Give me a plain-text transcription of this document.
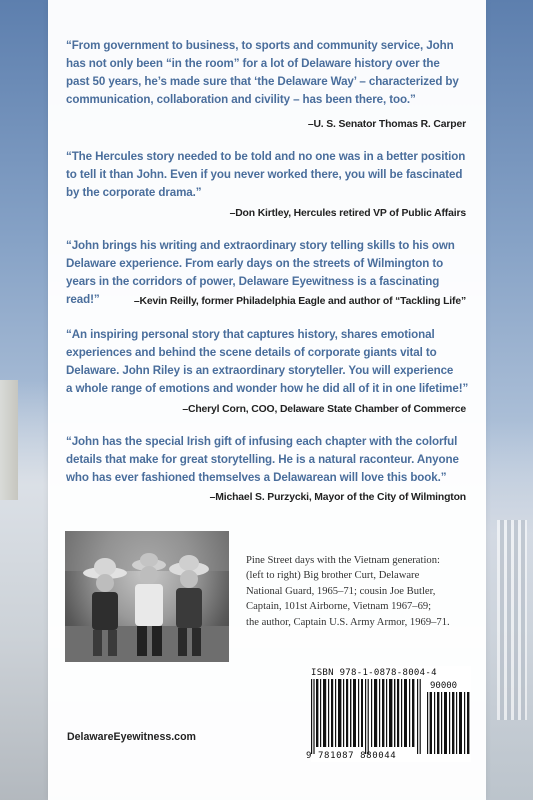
“From government to business, to sports and community service, John
has not only been “in the room” for a lot of Delaware history over the
past 50 years, he’s made sure that ‘the Delaware Way’ – characterized by
communication, collaboration and civility – has been there, too.”
–U. S. Senator Thomas R. Carper
“The Hercules story needed to be told and no one was in a better position
to tell it than John. Even if you never worked there, you will be fascinated
by the corporate drama.”
–Don Kirtley, Hercules retired VP of Public Affairs
“John brings his writing and extraordinary story telling skills to his own
Delaware experience. From early days on the streets of Wilmington to
years in the corridors of power, Delaware Eyewitness is a fascinating read!”	–Kevin Reilly, former Philadelphia Eagle and author of “Tackling Life”
“An inspiring personal story that captures history, shares emotional
experiences and behind the scene details of corporate giants vital to
Delaware. John Riley is an extraordinary storyteller. You will experience
a whole range of emotions and wonder how he did all of it in one lifetime!”
–Cheryl Corn, COO, Delaware State Chamber of Commerce
“John has the special Irish gift of infusing each chapter with the colorful
details that make for great storytelling. He is a natural raconteur. Anyone
who has ever fashioned themselves a Delawarean will love this book.”
–Michael S. Purzycki, Mayor of the City of Wilmington
Pine Street days with the Vietnam generation:
(left to right) Big brother Curt, Delaware
National Guard, 1965–71; cousin Joe Butler,
Captain, 101st Airborne, Vietnam 1967–69;
the author, Captain U.S. Army Armor, 1969–71.
ISBN 978-1-0878-8004-4
90000
9 781087 880044
DelawareEyewitness.com
